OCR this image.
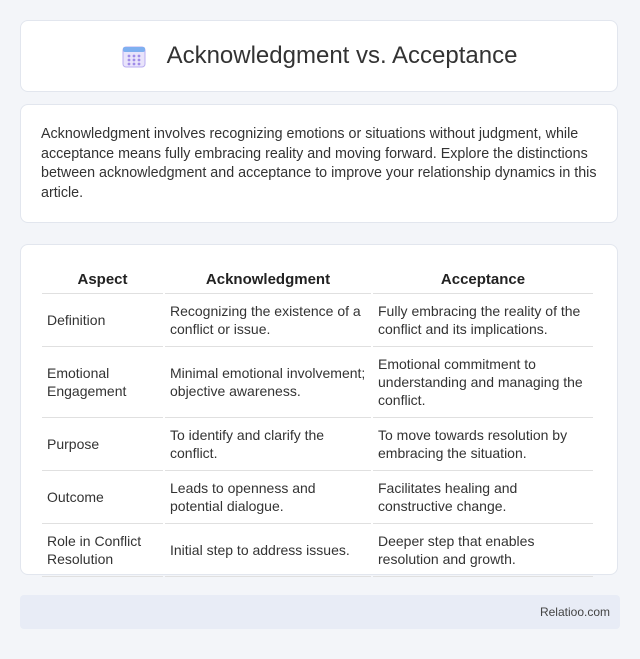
Acknowledgment vs. Acceptance

Acknowledgment involves recognizing emotions or situations without judgment, while acceptance means fully embracing reality and moving forward. Explore the distinctions between acknowledgment and acceptance to improve your relationship dynamics in this article.

Aspect	Acknowledgment	Acceptance
Definition	Recognizing the existence of a conflict or issue.	Fully embracing the reality of the conflict and its implications.
Emotional Engagement	Minimal emotional involvement; objective awareness.	Emotional commitment to understanding and managing the conflict.
Purpose	To identify and clarify the conflict.	To move towards resolution by embracing the situation.
Outcome	Leads to openness and potential dialogue.	Facilitates healing and constructive change.
Role in Conflict Resolution	Initial step to address issues.	Deeper step that enables resolution and growth.
Relatioo.com
